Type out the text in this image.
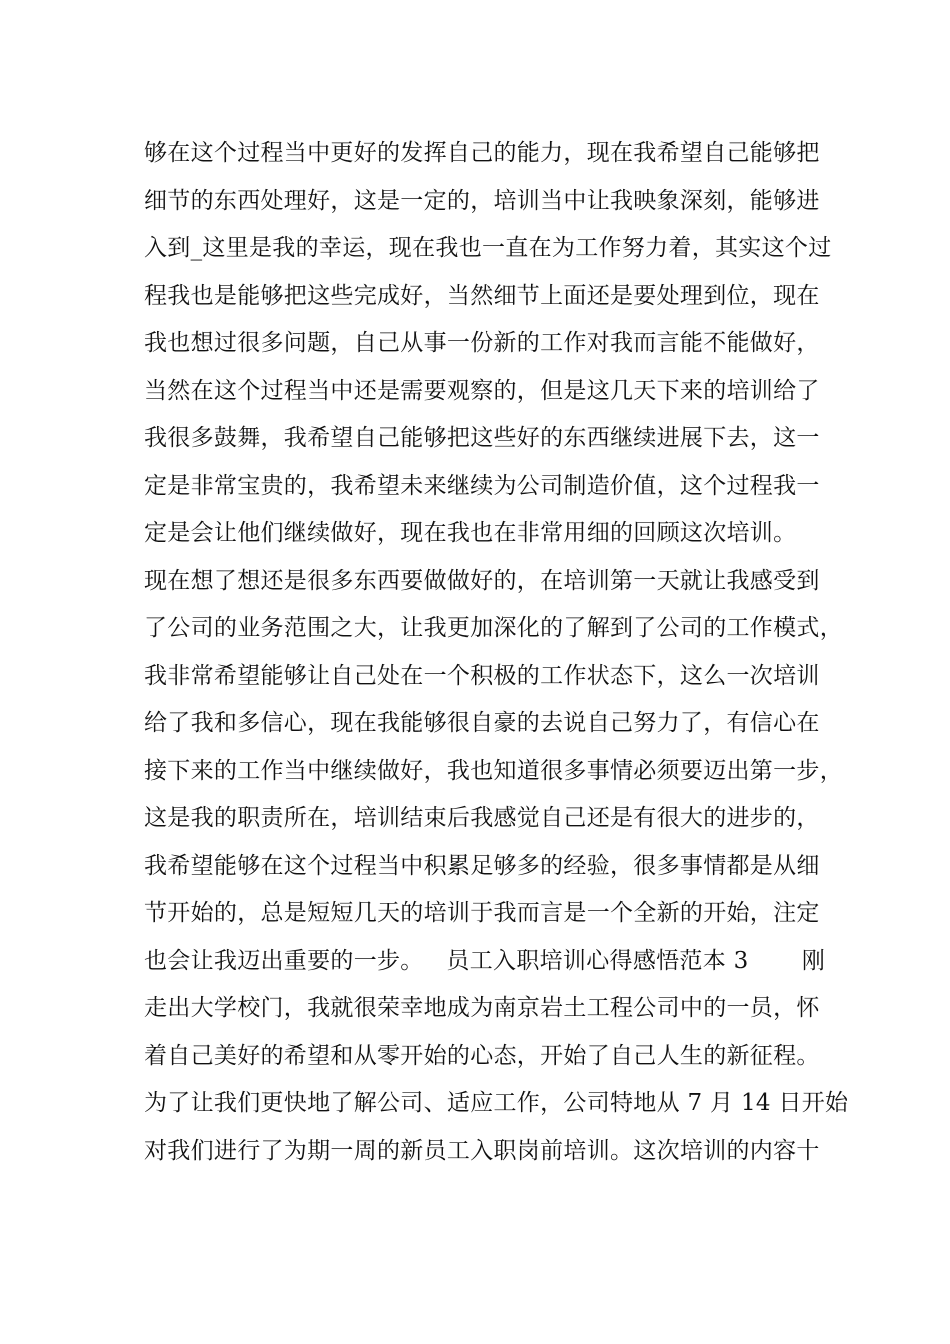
够在这个过程当中更好的发挥自己的能力，现在我希望自己能够把
细节的东西处理好，这是一定的，培训当中让我映象深刻，能够进
入到_这里是我的幸运，现在我也一直在为工作努力着，其实这个过
程我也是能够把这些完成好，当然细节上面还是要处理到位，现在
我也想过很多问题，自己从事一份新的工作对我而言能不能做好，
当然在这个过程当中还是需要观察的，但是这几天下来的培训给了
我很多鼓舞，我希望自己能够把这些好的东西继续进展下去，这一
定是非常宝贵的，我希望未来继续为公司制造价值，这个过程我一
定是会让他们继续做好，现在我也在非常用细的回顾这次培训。
现在想了想还是很多东西要做做好的，在培训第一天就让我感受到
了公司的业务范围之大，让我更加深化的了解到了公司的工作模式，
我非常希望能够让自己处在一个积极的工作状态下，这么一次培训
给了我和多信心，现在我能够很自豪的去说自己努力了，有信心在
接下来的工作当中继续做好，我也知道很多事情必须要迈出第一步，
这是我的职责所在，培训结束后我感觉自己还是有很大的进步的，
我希望能够在这个过程当中积累足够多的经验，很多事情都是从细
节开始的，总是短短几天的培训于我而言是一个全新的开始，注定
也会让我迈出重要的一步。   员工入职培训心得感悟范本 3       刚
走出大学校门，我就很荣幸地成为南京岩土工程公司中的一员，怀
着自己美好的希望和从零开始的心态，开始了自己人生的新征程。
为了让我们更快地了解公司、适应工作，公司特地从 7 月 14 日开始
对我们进行了为期一周的新员工入职岗前培训。这次培训的内容十
